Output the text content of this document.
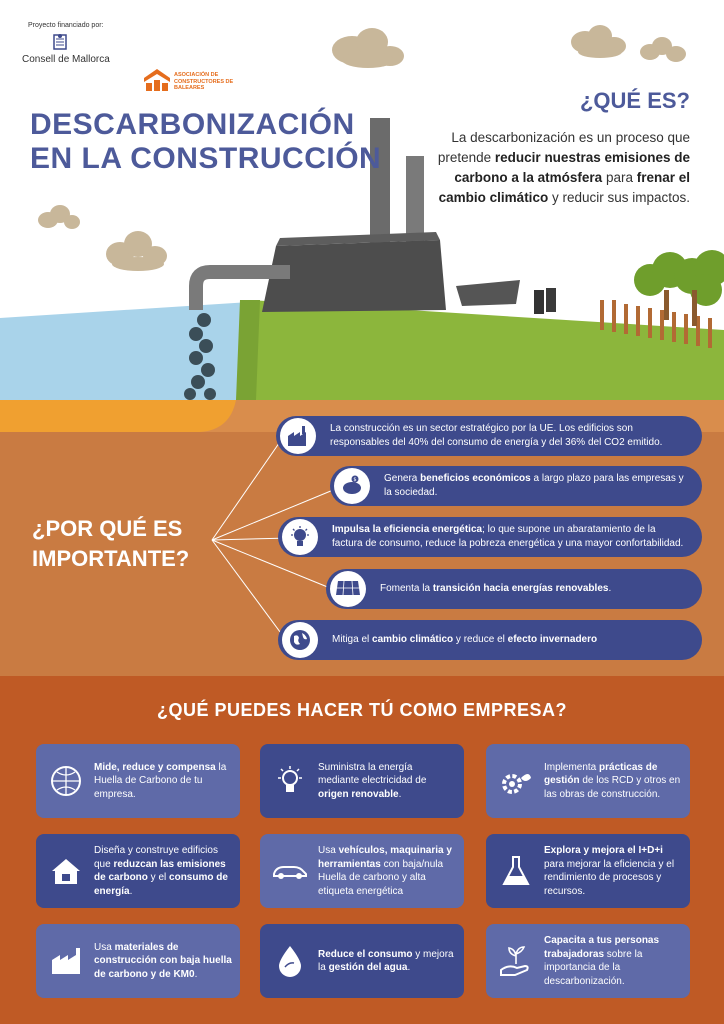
Proyecto financiado por:
Consell de Mallorca
ASOCIACIÓN DE CONSTRUCTORES DE BALEARES
DESCARBONIZACIÓN
EN LA CONSTRUCCIÓN
¿QUÉ ES?
La descarbonización es un proceso que pretende reducir nuestras emisiones de carbono a la atmósfera para frenar el cambio climático y reducir sus impactos.
¿POR QUÉ ES
IMPORTANTE?
La construcción es un sector estratégico por la UE. Los edificios son responsables del 40% del consumo de energía y del 36% del CO2 emitido.
$	Genera beneficios económicos a largo plazo para las empresas y la sociedad.
Impulsa la eficiencia energética; lo que supone un abaratamiento de la factura de consumo, reduce la pobreza energética y una mayor confortabilidad.
Fomenta la transición hacia energías renovables.
Mitiga el cambio climático y reduce el efecto invernadero
¿QUÉ PUEDES HACER TÚ COMO EMPRESA?
Mide, reduce y compensa la Huella de Carbono de tu empresa.
Suministra la energía mediante electricidad de origen renovable.
Implementa prácticas de gestión de los RCD y otros en las obras de construcción.
Diseña y construye edificios que reduzcan las emisiones de carbono y el consumo de energía.
Usa vehículos, maquinaria y herramientas con baja/nula Huella de carbono y alta etiqueta energética
Explora y mejora el I+D+i para mejorar la eficiencia y el rendimiento de procesos y recursos.
Usa materiales de construcción con baja huella de carbono y de KM0.
Reduce el consumo y mejora la gestión del agua.
Capacita a tus personas trabajadoras sobre la importancia de la descarbonización.
